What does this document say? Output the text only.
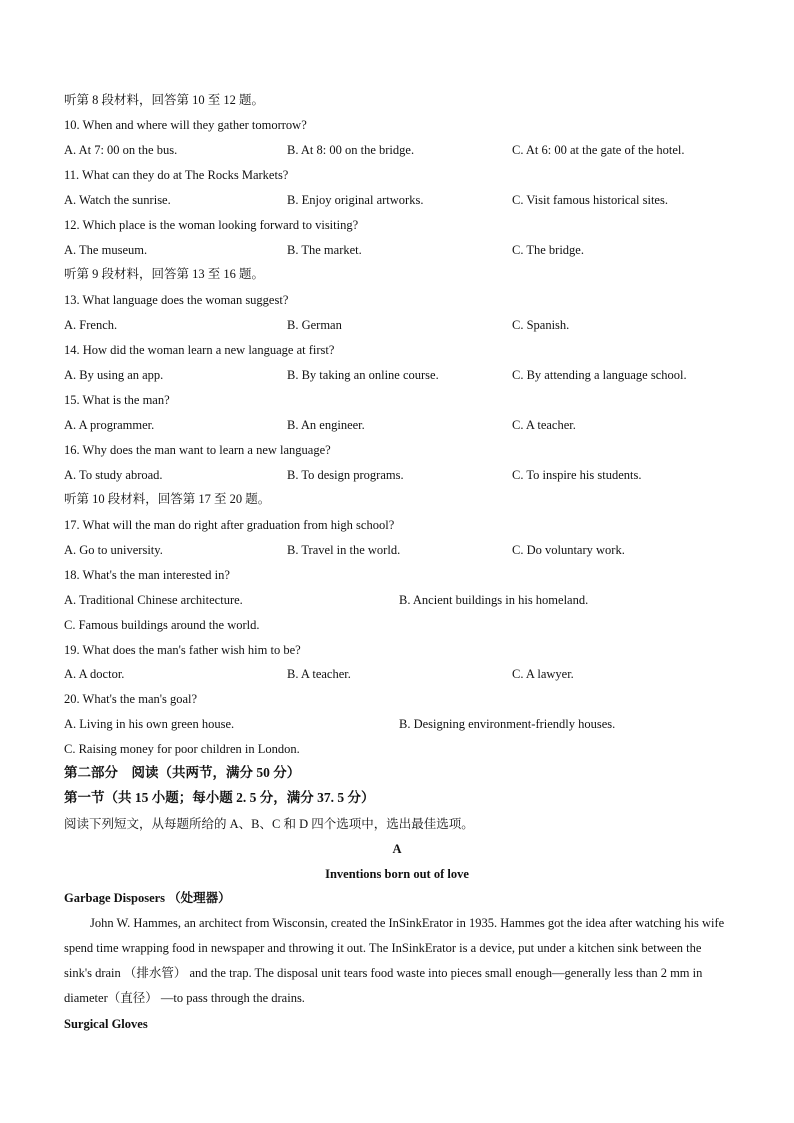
听第 8 段材料，回答第 10 至 12 题。
10. When and where will they gather tomorrow?
A. At 7: 00 on the bus.	B. At 8: 00 on the bridge.	C. At 6: 00 at the gate of the hotel.
11. What can they do at The Rocks Markets?
A. Watch the sunrise.	B. Enjoy original artworks.	C. Visit famous historical sites.
12. Which place is the woman looking forward to visiting?
A. The museum.	B. The market.	C. The bridge.
听第 9 段材料，回答第 13 至 16 题。
13. What language does the woman suggest?
A. French.	B. German	C. Spanish.
14. How did the woman learn a new language at first?
A. By using an app.	B. By taking an online course.	C. By attending a language school.
15. What is the man?
A. A programmer.	B. An engineer.	C. A teacher.
16. Why does the man want to learn a new language?
A. To study abroad.	B. To design programs.	C. To inspire his students.
听第 10 段材料，回答第 17 至 20 题。
17. What will the man do right after graduation from high school?
A. Go to university.	B. Travel in the world.	C. Do voluntary work.
18. What's the man interested in?
A. Traditional Chinese architecture.	B. Ancient buildings in his homeland.
C. Famous buildings around the world.
19. What does the man's father wish him to be?
A. A doctor.	B. A teacher.	C. A lawyer.
20. What's the man's goal?
A. Living in his own green house.	B. Designing environment-friendly houses.
C. Raising money for poor children in London.
第二部分　阅读（共两节，满分 50 分）
第一节（共 15 小题；每小题 2. 5 分，满分 37. 5 分）
阅读下列短文，从每题所给的 A、B、C 和 D 四个选项中，选出最佳选项。
A
Inventions born out of love
Garbage Disposers （处理器）

John W. Hammes, an architect from Wisconsin, created the InSinkErator in 1935. Hammes got the idea after watching his wife spend time wrapping food in newspaper and throwing it out. The InSinkErator is a device, put under a kitchen sink between the sink's drain （排水管） and the trap. The disposal unit tears food waste into pieces small enough—generally less than 2 mm in diameter（直径） —to pass through the drains.

Surgical Gloves
